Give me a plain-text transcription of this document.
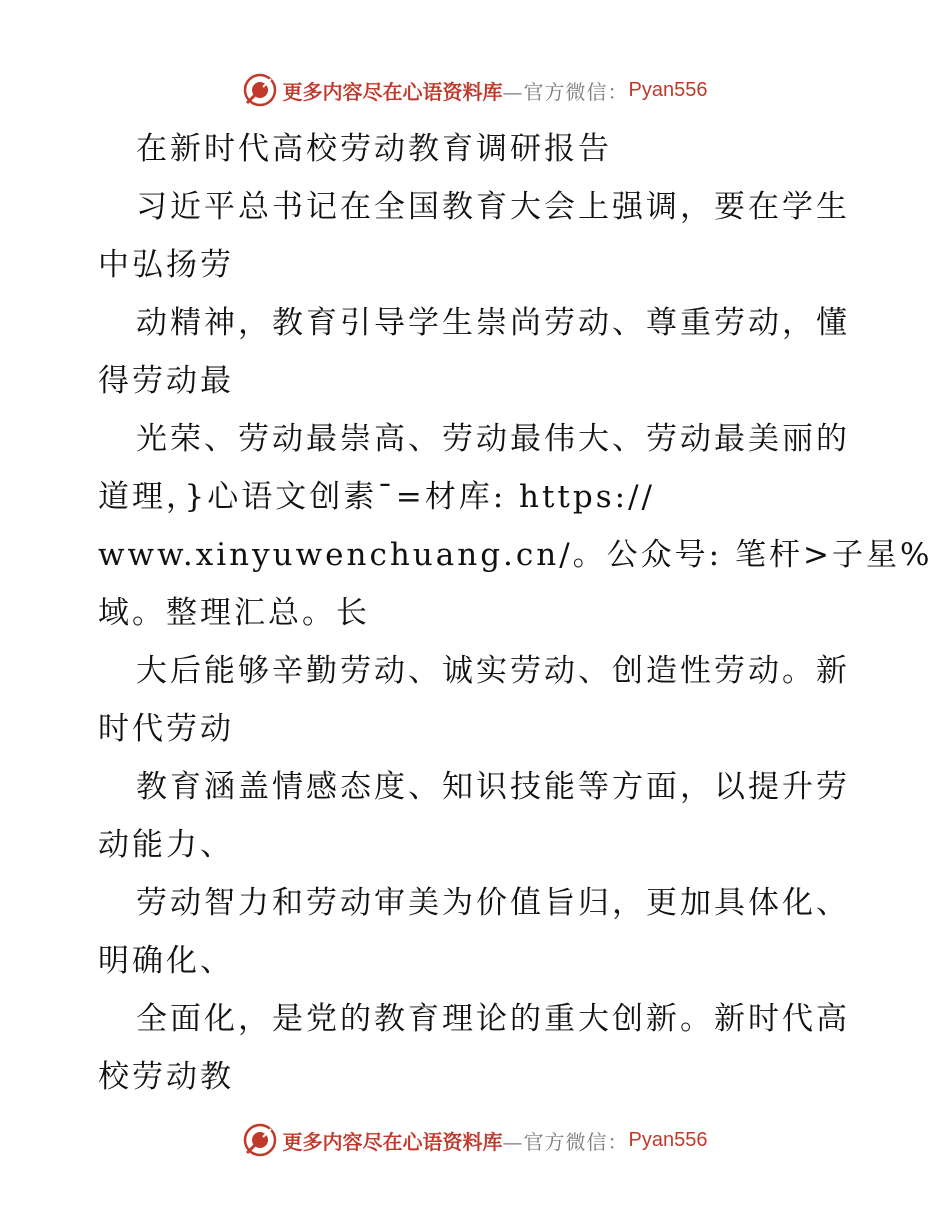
更多内容尽在心语资料库 —官方微信： Pyan556
在新时代高校劳动教育调研报告
习近平总书记在全国教育大会上强调，要在学生
中弘扬劳
动精神，教育引导学生崇尚劳动、尊重劳动，懂
得劳动最
光荣、劳动最崇高、劳动最伟大、劳动最美丽的
道理，}心语文创素¯=材库: https://
www.xinyuwenchuang.cn/。公众号: 笔杆>子星%
域。整理汇总。长
大后能够辛勤劳动、诚实劳动、创造性劳动。新
时代劳动
教育涵盖情感态度、知识技能等方面，以提升劳
动能力、
劳动智力和劳动审美为价值旨归，更加具体化、
明确化、
全面化，是党的教育理论的重大创新。新时代高
校劳动教
更多内容尽在心语资料库 —官方微信： Pyan556
